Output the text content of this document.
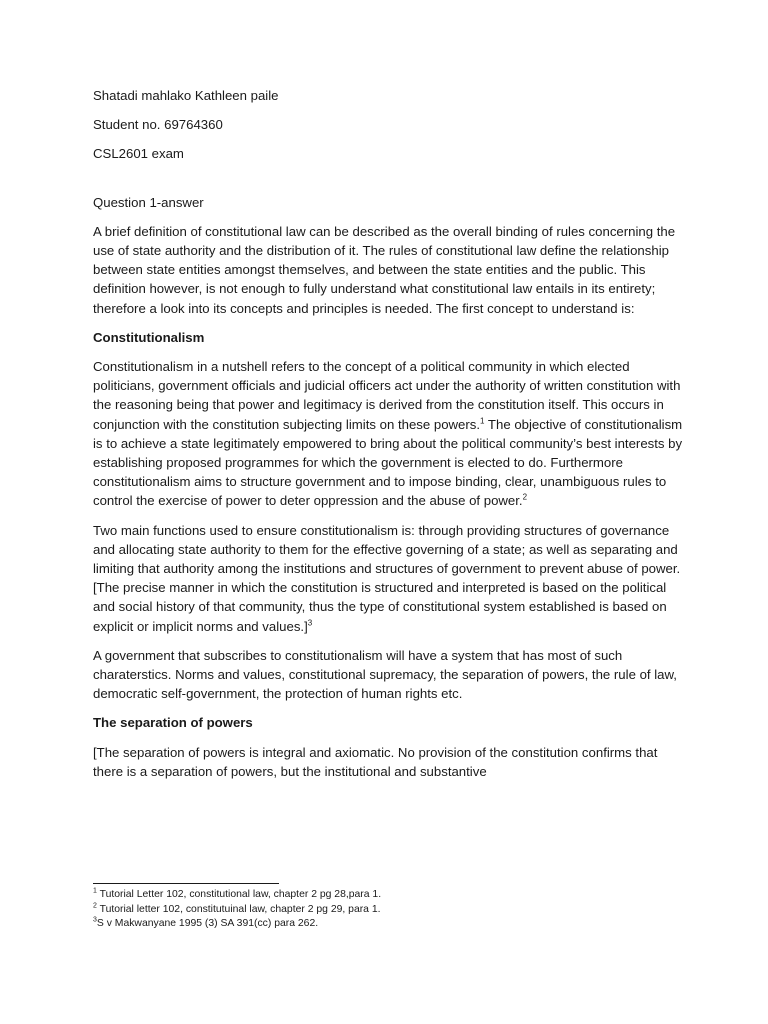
Shatadi mahlako Kathleen paile
Student no. 69764360
CSL2601 exam
Question 1-answer

A brief definition of constitutional law can be described as the overall binding of rules concerning the use of state authority and the distribution of it. The rules of constitutional law define the relationship between state entities amongst themselves, and between the state entities and the public. This definition however, is not enough to fully understand what constitutional law entails in its entirety; therefore a look into its concepts and principles is needed. The first concept to understand is:

Constitutionalism

Constitutionalism in a nutshell refers to the concept of a political community in which elected politicians, government officials and judicial officers act under the authority of written constitution with the reasoning being that power and legitimacy is derived from the constitution itself. This occurs in conjunction with the constitution subjecting limits on these powers.$^1$ The objective of constitutionalism is to achieve a state legitimately empowered to bring about the political community’s best interests by establishing proposed programmes for which the government is elected to do. Furthermore constitutionalism aims to structure government and to impose binding, clear, unambiguous rules to control the exercise of power to deter oppression and the abuse of power.$^2$

Two main functions used to ensure constitutionalism is: through providing structures of governance and allocating state authority to them for the effective governing of a state; as well as separating and limiting that authority among the institutions and structures of government to prevent abuse of power. [The precise manner in which the constitution is structured and interpreted is based on the political and social history of that community, thus the type of constitutional system established is based on explicit or implicit norms and values.]$^3$

A government that subscribes to constitutionalism will have a system that has most of such charaterstics. Norms and values, constitutional supremacy, the separation of powers, the rule of law, democratic self-government, the protection of human rights etc.

The separation of powers

[The separation of powers is integral and axiomatic. No provision of the constitution confirms that there is a separation of powers, but the institutional and substantive

$^1$ Tutorial Letter 102, constitutional law, chapter 2 pg 28,para 1.
$^2$ Tutorial letter 102, constitutuinal law, chapter 2 pg 29, para 1.
$^3$S v Makwanyane 1995 (3) SA 391(cc) para 262.
